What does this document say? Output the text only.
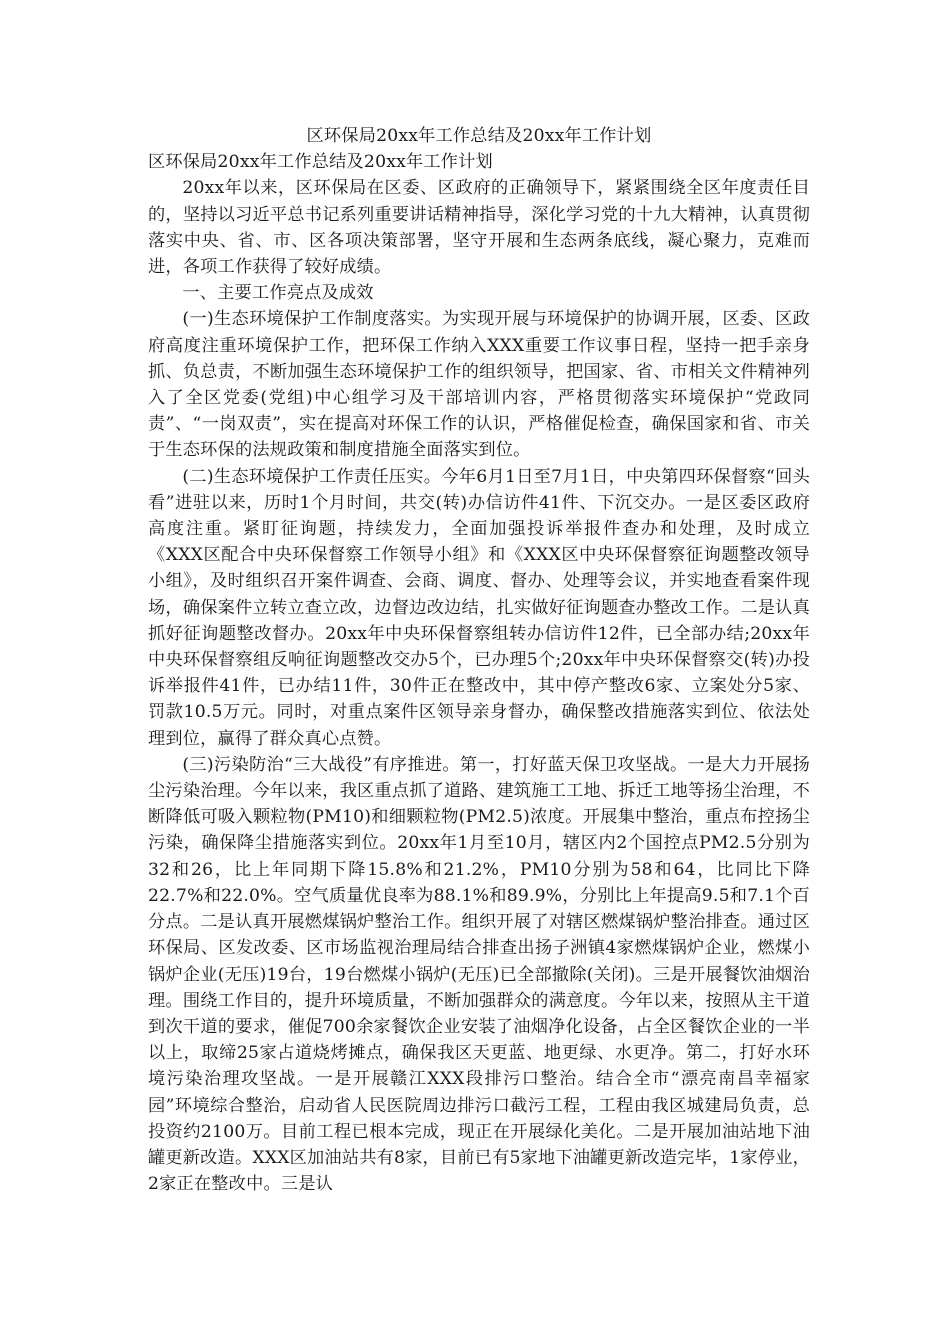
区环保局20xx年工作总结及20xx年工作计划

区环保局20xx年工作总结及20xx年工作计划

20xx年以来，区环保局在区委、区政府的正确领导下，紧紧围绕全区年度责任目的，坚持以习近平总书记系列重要讲话精神指导，深化学习党的十九大精神，认真贯彻落实中央、省、市、区各项决策部署，坚守开展和生态两条底线，凝心聚力，克难而进，各项工作获得了较好成绩。

一、主要工作亮点及成效

(一)生态环境保护工作制度落实。为实现开展与环境保护的协调开展，区委、区政府高度注重环境保护工作，把环保工作纳入XXX重要工作议事日程，坚持一把手亲身抓、负总责，不断加强生态环境保护工作的组织领导，把国家、省、市相关文件精神列入了全区党委(党组)中心组学习及干部培训内容，严格贯彻落实环境保护“党政同责”、“一岗双责”，实在提高对环保工作的认识，严格催促检查，确保国家和省、市关于生态环保的法规政策和制度措施全面落实到位。

(二)生态环境保护工作责任压实。今年6月1日至7月1日，中央第四环保督察“回头看”进驻以来，历时1个月时间，共交(转)办信访件41件、下沉交办。一是区委区政府高度注重。紧盯征询题，持续发力，全面加强投诉举报件查办和处理，及时成立《XXX区配合中央环保督察工作领导小组》和《XXX区中央环保督察征询题整改领导小组》，及时组织召开案件调查、会商、调度、督办、处理等会议，并实地查看案件现场，确保案件立转立查立改，边督边改边结，扎实做好征询题查办整改工作。二是认真抓好征询题整改督办。20xx年中央环保督察组转办信访件12件，已全部办结;20xx年中央环保督察组反响征询题整改交办5个，已办理5个;20xx年中央环保督察交(转)办投诉举报件41件，已办结11件，30件正在整改中，其中停产整改6家、立案处分5家、罚款10.5万元。同时，对重点案件区领导亲身督办，确保整改措施落实到位、依法处理到位，赢得了群众真心点赞。

(三)污染防治“三大战役”有序推进。第一，打好蓝天保卫攻坚战。一是大力开展扬尘污染治理。今年以来，我区重点抓了道路、建筑施工工地、拆迁工地等扬尘治理，不断降低可吸入颗粒物(PM10)和细颗粒物(PM2.5)浓度。开展集中整治，重点布控扬尘污染，确保降尘措施落实到位。20xx年1月至10月，辖区内2个国控点PM2.5分别为32和26，比上年同期下降15.8%和21.2%，PM10分别为58和64，比同比下降22.7%和22.0%。空气质量优良率为88.1%和89.9%，分别比上年提高9.5和7.1个百分点。二是认真开展燃煤锅炉整治工作。组织开展了对辖区燃煤锅炉整治排查。通过区环保局、区发改委、区市场监视治理局结合排查出扬子洲镇4家燃煤锅炉企业，燃煤小锅炉企业(无压)19台，19台燃煤小锅炉(无压)已全部撤除(关闭)。三是开展餐饮油烟治理。围绕工作目的，提升环境质量，不断加强群众的满意度。今年以来，按照从主干道到次干道的要求，催促700余家餐饮企业安装了油烟净化设备，占全区餐饮企业的一半以上，取缔25家占道烧烤摊点，确保我区天更蓝、地更绿、水更净。第二，打好水环境污染治理攻坚战。一是开展赣江XXX段排污口整治。结合全市“漂亮南昌幸福家园”环境综合整治，启动省人民医院周边排污口截污工程，工程由我区城建局负责，总投资约2100万。目前工程已根本完成，现正在开展绿化美化。二是开展加油站地下油罐更新改造。XXX区加油站共有8家，目前已有5家地下油罐更新改造完毕，1家停业，2家正在整改中。三是认
